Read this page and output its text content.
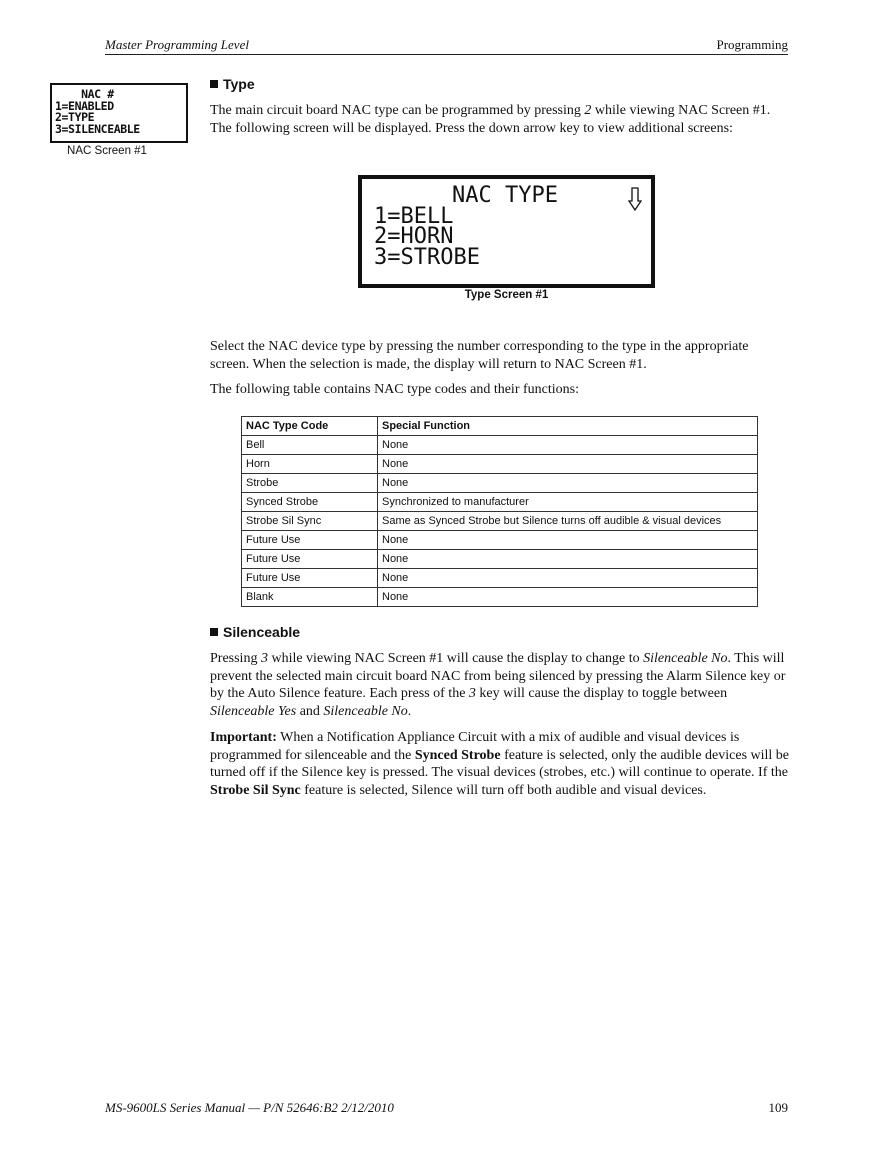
Master Programming Level	Programming
NAC #
1=ENABLED
2=TYPE
3=SILENCEABLE
NAC Screen #1
Type

The main circuit board NAC type can be programmed by pressing 2 while viewing NAC Screen #1. The following screen will be displayed. Press the down arrow key to view additional screens:

NAC TYPE
1=BELL
2=HORN
3=STROBE
Type Screen #1

Select the NAC device type by pressing the number corresponding to the type in the appropriate screen. When the selection is made, the display will return to NAC Screen #1.

The following table contains NAC type codes and their functions:

NAC Type Code	Special Function
Bell	None
Horn	None
Strobe	None
Synced Strobe	Synchronized to manufacturer
Strobe Sil Sync	Same as Synced Strobe but Silence turns off audible & visual devices
Future Use	None
Future Use	None
Future Use	None
Blank	None
Silenceable

Pressing 3 while viewing NAC Screen #1 will cause the display to change to Silenceable No. This will prevent the selected main circuit board NAC from being silenced by pressing the Alarm Silence key or by the Auto Silence feature. Each press of the 3 key will cause the display to toggle between Silenceable Yes and Silenceable No.

Important: When a Notification Appliance Circuit with a mix of audible and visual devices is programmed for silenceable and the Synced Strobe feature is selected, only the audible devices will be turned off if the Silence key is pressed. The visual devices (strobes, etc.) will continue to operate. If the Strobe Sil Sync feature is selected, Silence will turn off both audible and visual devices.

MS-9600LS Series Manual — P/N 52646:B2 2/12/2010	109
